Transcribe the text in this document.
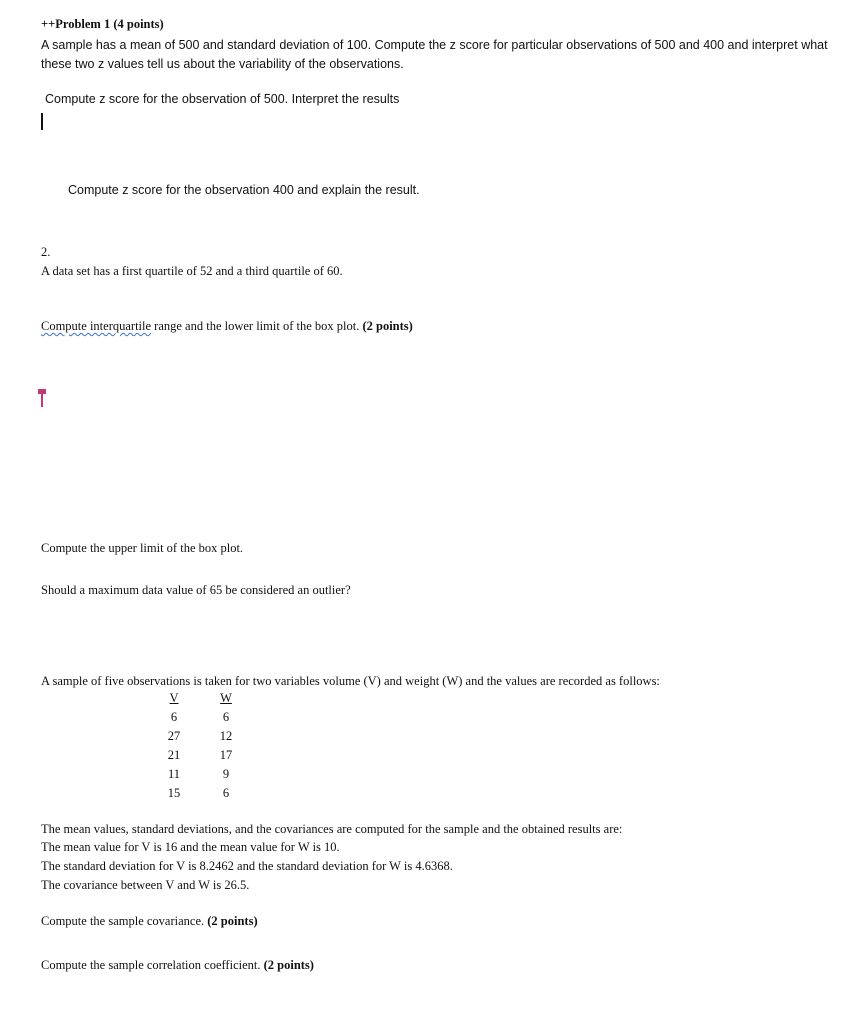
++Problem 1 (4 points)
A sample has a mean of 500 and standard deviation of 100. Compute the z score for particular observations of 500 and 400 and interpret what these two z values tell us about the variability of the observations.
Compute z score for the observation of 500. Interpret the results
Compute z score for the observation 400 and explain the result.
2.
A data set has a first quartile of 52 and a third quartile of 60.
Compute interquartile range and the lower limit of the box plot. (2 points)
Compute the upper limit of the box plot.
Should a maximum data value of 65 be considered an outlier?
A sample of five observations is taken for two variables volume (V) and weight (W) and the values are recorded as follows:
V	W
6	6
27	12
21	17
11	9
15	6
The mean values, standard deviations, and the covariances are computed for the sample and the obtained results are:
The mean value for V is 16 and the mean value for W is 10.
The standard deviation for V is 8.2462 and the standard deviation for W is 4.6368.
The covariance between V and W is 26.5.
Compute the sample covariance. (2 points)
Compute the sample correlation coefficient. (2 points)
